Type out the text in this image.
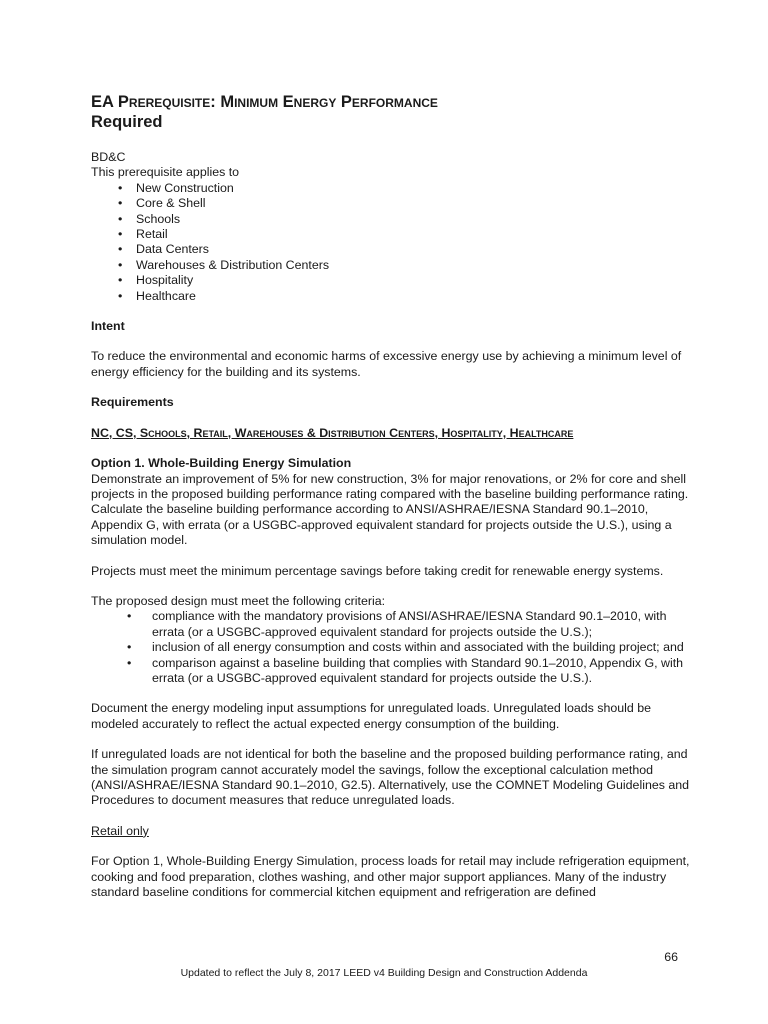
EA Prerequisite: Minimum Energy Performance
Required

BD&C

This prerequisite applies to

• New Construction
• Core & Shell
• Schools
• Retail
• Data Centers
• Warehouses & Distribution Centers
• Hospitality
• Healthcare

Intent

To reduce the environmental and economic harms of excessive energy use by achieving a minimum level of energy efficiency for the building and its systems.

Requirements

NC, CS, Schools, Retail, Warehouses & Distribution Centers, Hospitality, Healthcare

Option 1. Whole-Building Energy Simulation

Demonstrate an improvement of 5% for new construction, 3% for major renovations, or 2% for core and shell projects in the proposed building performance rating compared with the baseline building performance rating. Calculate the baseline building performance according to ANSI/ASHRAE/IESNA Standard 90.1–2010, Appendix G, with errata (or a USGBC-approved equivalent standard for projects outside the U.S.), using a simulation model.

Projects must meet the minimum percentage savings before taking credit for renewable energy systems.

The proposed design must meet the following criteria:

• compliance with the mandatory provisions of ANSI/ASHRAE/IESNA Standard 90.1–2010, with errata (or a USGBC-approved equivalent standard for projects outside the U.S.);
• inclusion of all energy consumption and costs within and associated with the building project; and
• comparison against a baseline building that complies with Standard 90.1–2010, Appendix G, with errata (or a USGBC-approved equivalent standard for projects outside the U.S.).

Document the energy modeling input assumptions for unregulated loads. Unregulated loads should be modeled accurately to reflect the actual expected energy consumption of the building.

If unregulated loads are not identical for both the baseline and the proposed building performance rating, and the simulation program cannot accurately model the savings, follow the exceptional calculation method (ANSI/ASHRAE/IESNA Standard 90.1–2010, G2.5). Alternatively, use the COMNET Modeling Guidelines and Procedures to document measures that reduce unregulated loads.

Retail only

For Option 1, Whole-Building Energy Simulation, process loads for retail may include refrigeration equipment, cooking and food preparation, clothes washing, and other major support appliances. Many of the industry standard baseline conditions for commercial kitchen equipment and refrigeration are defined

66
Updated to reflect the July 8, 2017 LEED v4 Building Design and Construction Addenda
